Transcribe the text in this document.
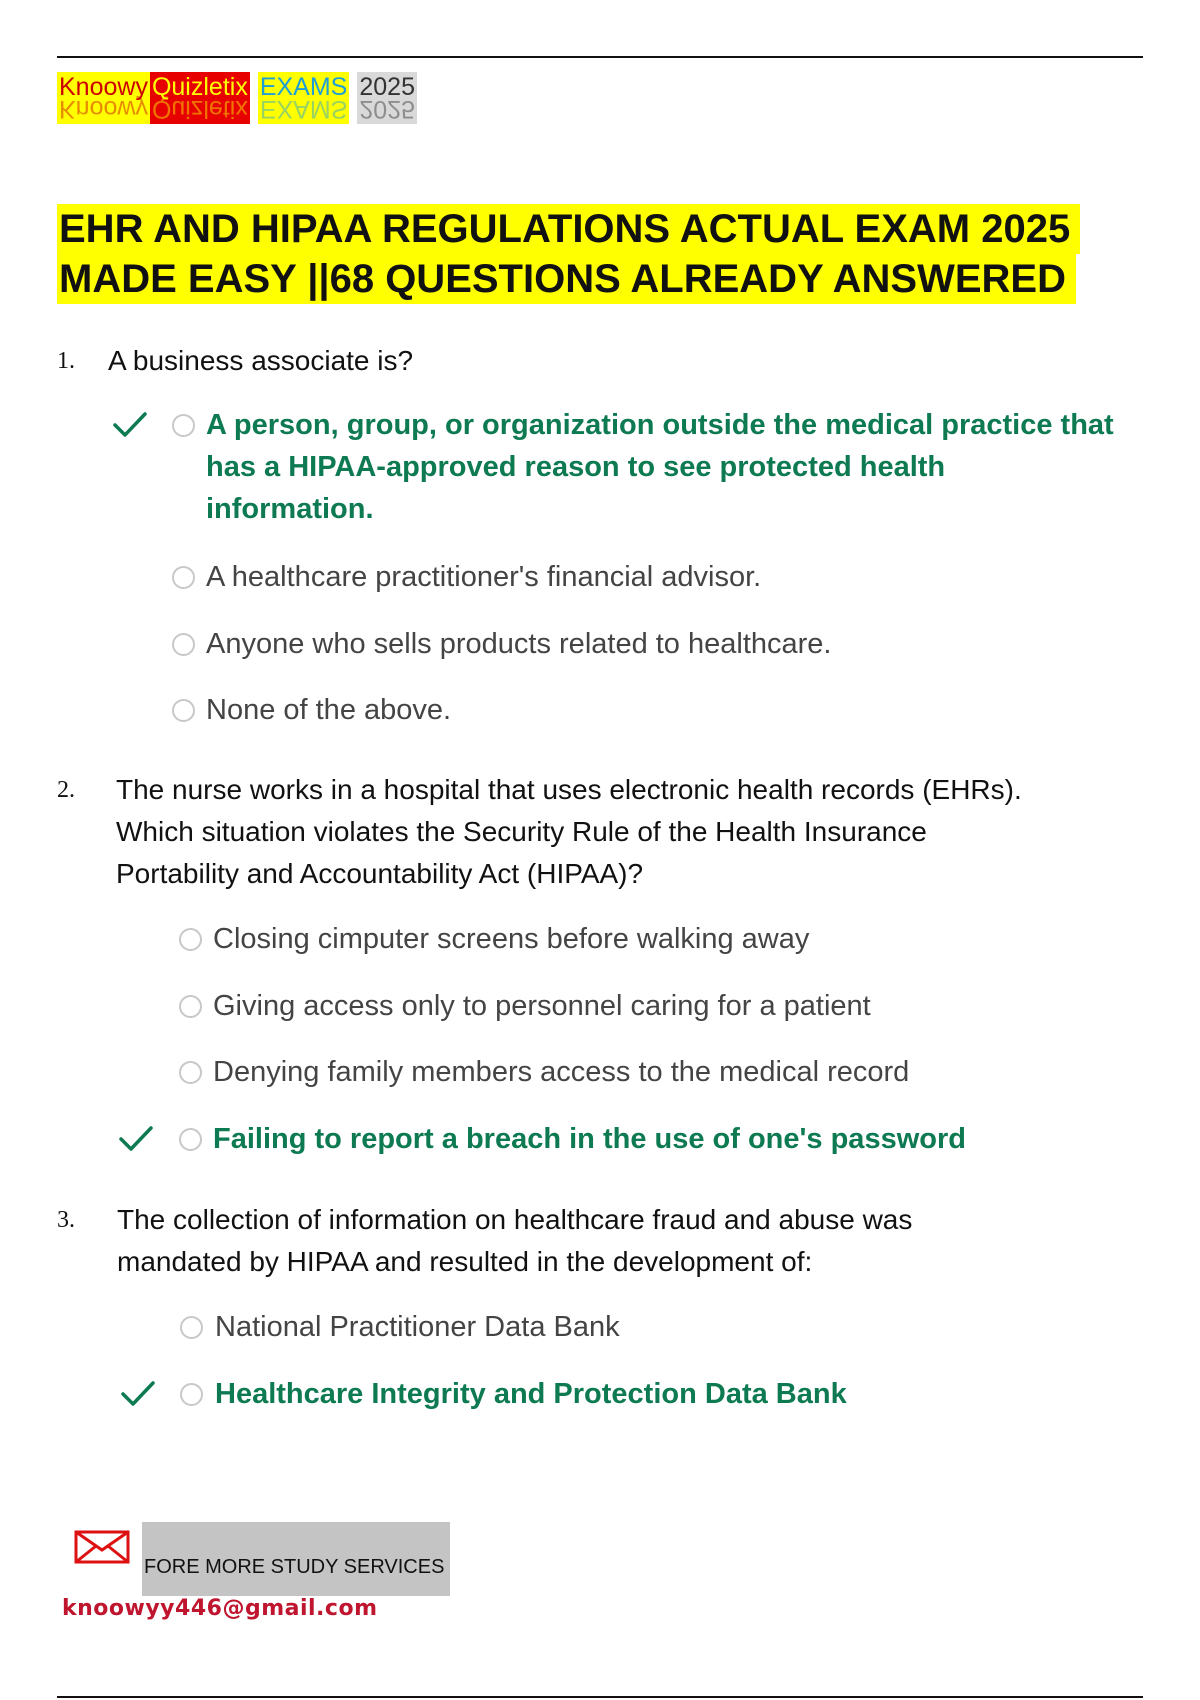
Knoowy
Knoowy
Quizletix
Quizletix
EXAMS
EXAMS
2025
2025
EHR AND HIPAA REGULATIONS ACTUAL EXAM 2025
MADE EASY ||68 QUESTIONS ALREADY ANSWERED
1. A business associate is?
A person, group, or organization outside the medical practice that
has a HIPAA-approved reason to see protected health
information.
A healthcare practitioner's financial advisor.
Anyone who sells products related to healthcare.
None of the above.
2. The nurse works in a hospital that uses electronic health records (EHRs).
Which situation violates the Security Rule of the Health Insurance
Portability and Accountability Act (HIPAA)?
Closing cimputer screens before walking away
Giving access only to personnel caring for a patient
Denying family members access to the medical record
Failing to report a breach in the use of one's password
3. The collection of information on healthcare fraud and abuse was
mandated by HIPAA and resulted in the development of:
National Practitioner Data Bank
Healthcare Integrity and Protection Data Bank
FORE MORE STUDY SERVICES
knoowyy446@gmail.com
